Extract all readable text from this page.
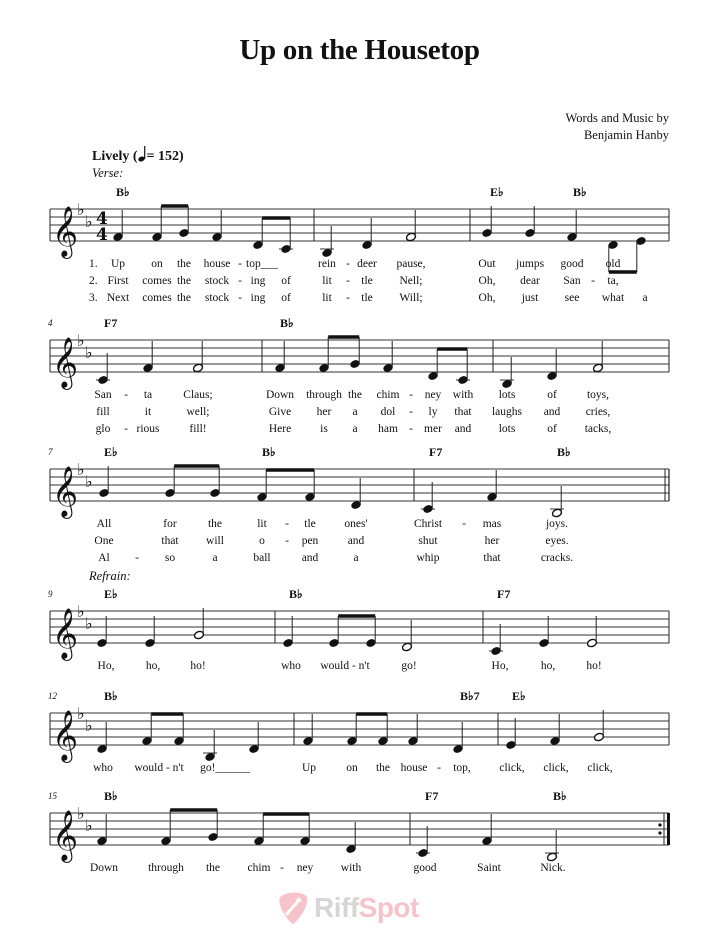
Up on the Housetop
Words and Music by
Benjamin Hanby
Lively ( = 152)
Verse:
Refrain:
𝄞
♭
♭ 4
4
B♭	E♭	B♭
1. Up on the house - top___	rein - deer pause,	Out jumps good old
2. First comes the stock - ing of	lit - tle Nell;	Oh, dear San - ta,
3. Next comes the stock - ing of	lit - tle Will;	Oh, just see what a
𝄞
♭
♭
4	F7	B♭
San - ta	Claus;	Down through the chim - ney with lots	of	toys,
fill	it	well;	Give her a dol - ly that laughs and cries,
glo - rious	fill!	Here	is a ham - mer and lots	of tacks,
𝄞
♭
♭
7	E♭	B♭	F7	B♭
All	for	the	lit - tle ones'	Christ - mas	joys.
One	that will	o - pen	and	shut	her	eyes.
Al - so	a	ball	and	a	whip	that	cracks.
𝄞
♭
♭
9	E♭	B♭	F7
Ho,	ho,	ho!	who would - n't	go!	Ho,	ho,	ho!
𝄞
♭
♭
12	B♭	B♭7	E♭
who would - n't go!______	Up	on the house - top, click, click, click,
𝄞
♭
♭
15	B♭	F7	B♭
Down	through the chim - ney with	good	Saint	Nick.
Riff Spot
